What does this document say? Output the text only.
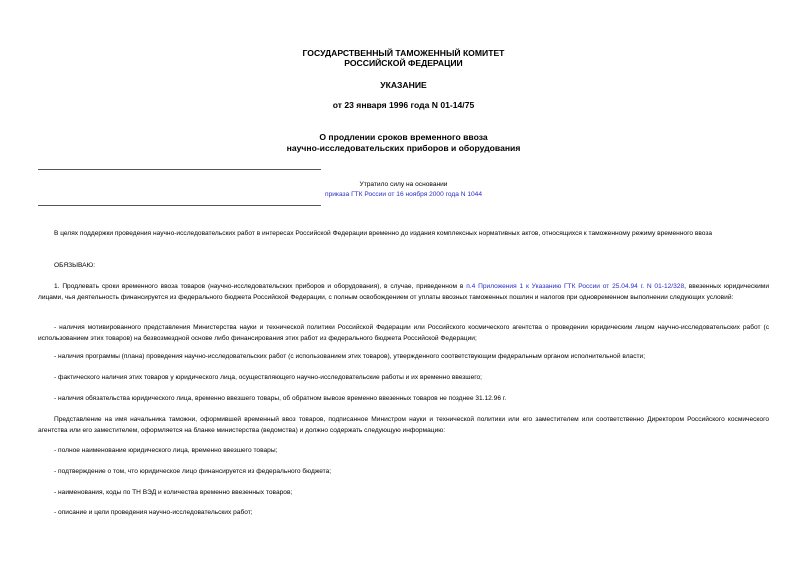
ГОСУДАРСТВЕННЫЙ ТАМОЖЕННЫЙ КОМИТЕТ
РОССИЙСКОЙ ФЕДЕРАЦИИ
УКАЗАНИЕ
от 23 января 1996 года N 01-14/75
О продлении сроков временного ввоза
научно-исследовательских приборов и оборудования
Утратило силу на основании
приказа ГТК России от 16 ноября 2000 года N 1044
В целях поддержки проведения научно-исследовательских работ в интересах Российской Федерации временно до издания комплексных нормативных актов, относящихся к таможенному режиму временного ввоза
ОБЯЗЫВАЮ:
1. Продлевать сроки временного ввоза товаров (научно-исследовательских приборов и оборудования), в случае, приведенном в п.4 Приложения 1 к Указанию ГТК России от 25.04.94 г. N 01-12/328, ввезенных юридическими лицами, чья деятельность финансируется из федерального бюджета Российской Федерации, с полным освобождением от уплаты ввозных таможенных пошлин и налогов при одновременном выполнении следующих условий:
- наличия мотивированного представления Министерства науки и технической политики Российской Федерации или Российского космического агентства о проведении юридическим лицом научно-исследовательских работ (с использованием этих товаров) на безвозмездной основе либо финансирования этих работ из федерального бюджета Российской Федерации;
- наличия программы (плана) проведения научно-исследовательских работ (с использованием этих товаров), утвержденного соответствующим федеральным органом исполнительной власти;
- фактического наличия этих товаров у юридического лица, осуществляющего научно-исследовательские работы и их временно ввезшего;
- наличия обязательства юридического лица, временно ввезшего товары, об обратном вывозе временно ввезенных товаров не позднее 31.12.96 г.
Представление на имя начальника таможни, оформившей временный ввоз товаров, подписанное Министром науки и технической политики или его заместителем или соответственно Директором Российского космического агентства или его заместителем, оформляется на бланке министерства (ведомства) и должно содержать следующую информацию:
- полное наименование юридического лица, временно ввезшего товары;
- подтверждение о том, что юридическое лицо финансируется из федерального бюджета;
- наименования, коды по ТН ВЭД и количества временно ввезенных товаров;
- описание и цели проведения научно-исследовательских работ;
